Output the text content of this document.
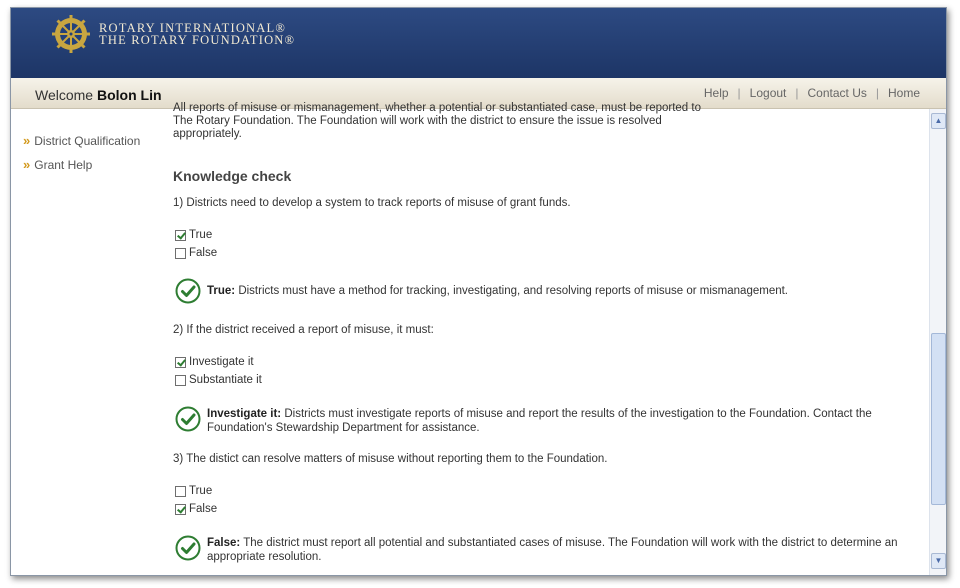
ROTARY INTERNATIONAL®
THE ROTARY FOUNDATION®
Welcome Bolon Lin	Help | Logout | Contact Us | Home
» District Qualification
» Grant Help
All reports of misuse or mismanagement, whether a potential or substantiated case, must be reported to
The Rotary Foundation. The Foundation will work with the district to ensure the issue is resolved
appropriately.
Knowledge check
1) Districts need to develop a system to track reports of misuse of grant funds.
True
False
True: Districts must have a method for tracking, investigating, and resolving reports of misuse or mismanagement.
2) If the district received a report of misuse, it must:
Investigate it
Substantiate it
Investigate it: Districts must investigate reports of misuse and report the results of the investigation to the Foundation. Contact the Foundation's Stewardship Department for assistance.
3) The distict can resolve matters of misuse without reporting them to the Foundation.
True
False
False: The district must report all potential and substantiated cases of misuse. The Foundation will work with the district to determine an appropriate resolution.
▲
▼
